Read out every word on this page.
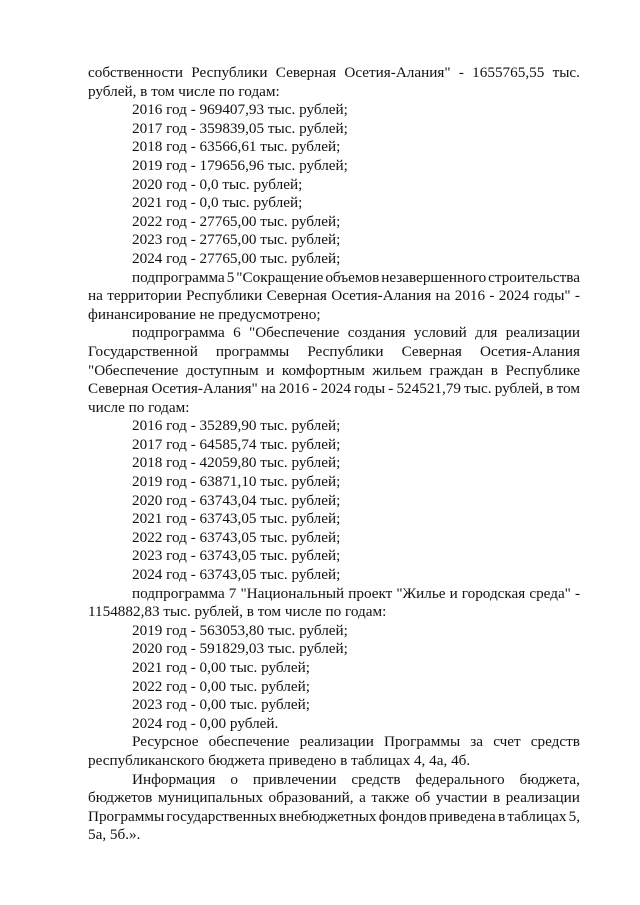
собственности Республики Северная Осетия-Алания" - 1655765,55 тыс.
рублей, в том числе по годам:
2016 год - 969407,93 тыс. рублей;
2017 год - 359839,05 тыс. рублей;
2018 год - 63566,61 тыс. рублей;
2019 год - 179656,96 тыс. рублей;
2020 год - 0,0 тыс. рублей;
2021 год - 0,0 тыс. рублей;
2022 год - 27765,00 тыс. рублей;
2023 год - 27765,00 тыс. рублей;
2024 год - 27765,00 тыс. рублей;
подпрограмма 5 "Сокращение объемов незавершенного строительства
на территории Республики Северная Осетия-Алания на 2016 - 2024 годы" -
финансирование не предусмотрено;
подпрограмма 6 "Обеспечение создания условий для реализации
Государственной программы Республики Северная Осетия-Алания
"Обеспечение доступным и комфортным жильем граждан в Республике
Северная Осетия-Алания" на 2016 - 2024 годы - 524521,79 тыс. рублей, в том
числе по годам:
2016 год - 35289,90 тыс. рублей;
2017 год - 64585,74 тыс. рублей;
2018 год - 42059,80 тыс. рублей;
2019 год - 63871,10 тыс. рублей;
2020 год - 63743,04 тыс. рублей;
2021 год - 63743,05 тыс. рублей;
2022 год - 63743,05 тыс. рублей;
2023 год - 63743,05 тыс. рублей;
2024 год - 63743,05 тыс. рублей;
подпрограмма 7 "Национальный проект "Жилье и городская среда" -
1154882,83 тыс. рублей, в том числе по годам:
2019 год - 563053,80 тыс. рублей;
2020 год - 591829,03 тыс. рублей;
2021 год - 0,00 тыс. рублей;
2022 год - 0,00 тыс. рублей;
2023 год - 0,00 тыс. рублей;
2024 год - 0,00 рублей.
Ресурсное обеспечение реализации Программы за счет средств
республиканского бюджета приведено в таблицах 4, 4а, 4б.
Информация о привлечении средств федерального бюджета,
бюджетов муниципальных образований, а также об участии в реализации
Программы государственных внебюджетных фондов приведена в таблицах 5,
5а, 5б.».
